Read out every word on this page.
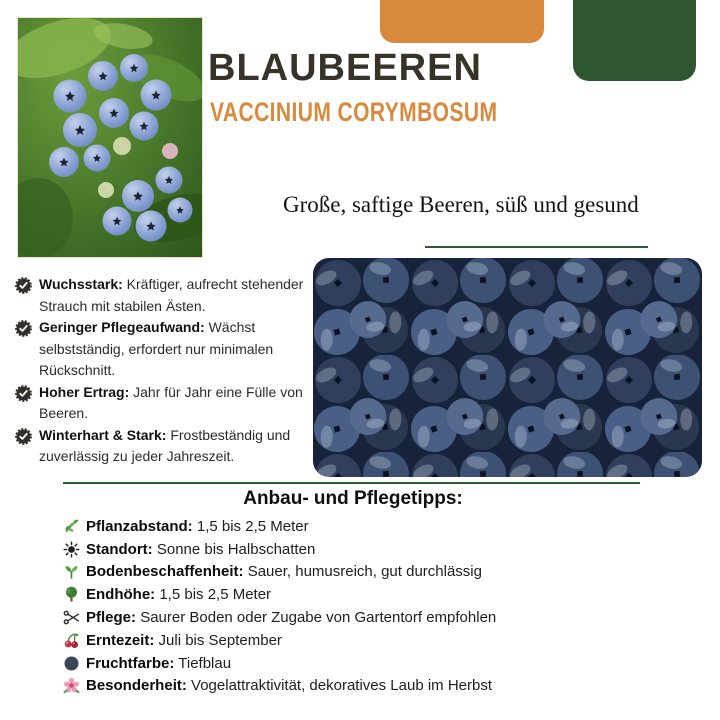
BLAUBEEREN
VACCINIUM CORYMBOSUM
Große, saftige Beeren, süß und gesund

Wuchsstark: Kräftiger, aufrecht stehender Strauch mit stabilen Ästen.

Geringer Pflegeaufwand: Wächst selbstständig, erfordert nur minimalen Rückschnitt.

Hoher Ertrag: Jahr für Jahr eine Fülle von Beeren.

Winterhart & Stark: Frostbeständig und zuverlässig zu jeder Jahreszeit.

Anbau- und Pflegetipps:
Pflanzabstand: 1,5 bis 2,5 Meter
Standort: Sonne bis Halbschatten
Bodenbeschaffenheit: Sauer, humusreich, gut durchlässig
Endhöhe: 1,5 bis 2,5 Meter
Pflege: Saurer Boden oder Zugabe von Gartentorf empfohlen
Erntezeit: Juli bis September
Fruchtfarbe: Tiefblau
Besonderheit: Vogelattraktivität, dekoratives Laub im Herbst
